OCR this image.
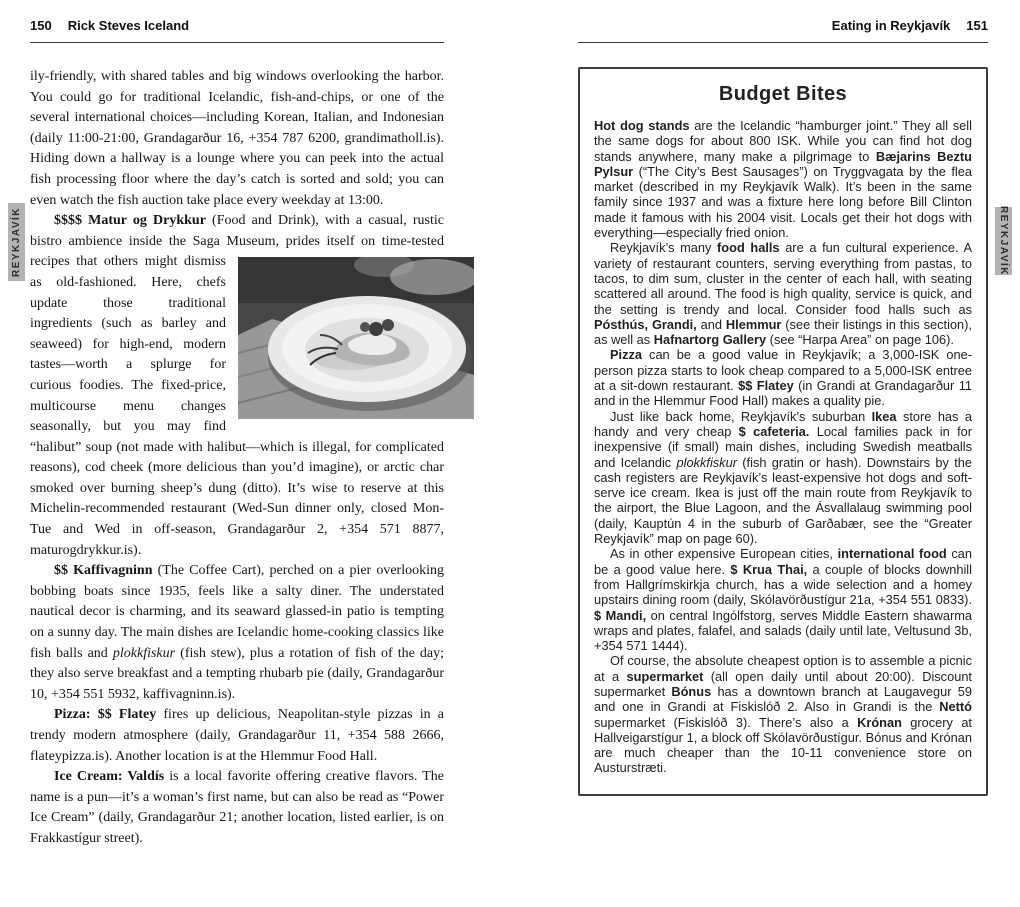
REYKJAVÍK	REYKJAVÍK
150 Rick Steves Iceland

ily-friendly, with shared tables and big windows overlooking the harbor. You could go for traditional Icelandic, fish-and-chips, or one of the several international choices—including Korean, Italian, and Indonesian (daily 11:00-21:00, Grandagarður 16, +354 787 6200, grandimatholl.is). Hiding down a hallway is a lounge where you can peek into the actual fish processing floor where the day’s catch is sorted and sold; you can even watch the fish auction take place every weekday at 13:00.

$$$$ Matur og Drykkur (Food and Drink), with a casual, rustic bistro ambience inside the Saga Museum, prides itself on
time-tested recipes that others might dismiss as old-fashioned. Here, chefs update those traditional ingredients (such as barley and seaweed) for high-end, modern tastes—worth a splurge for curious foodies. The fixed-price, multicourse menu changes seasonally, but you may find “halibut” soup (not made with halibut—which is illegal, for complicated reasons), cod cheek (more delicious than you’d imagine), or arctic char smoked over burning sheep’s dung (ditto). It’s wise to reserve at this Michelin-recommended restaurant (Wed-Sun dinner only, closed Mon-Tue and Wed in off-season, Grandagarður 2, +354 571 8877, maturogdrykkur.is).

$$ Kaffivagninn (The Coffee Cart), perched on a pier overlooking bobbing boats since 1935, feels like a salty diner. The understated nautical decor is charming, and its seaward glassed-in patio is tempting on a sunny day. The main dishes are Icelandic home-cooking classics like fish balls and plokkfiskur (fish stew), plus a rotation of fish of the day; they also serve breakfast and a tempting rhubarb pie (daily, Grandagarður 10, +354 551 5932, kaffivagninn.is).

Pizza: $$ Flatey fires up delicious, Neapolitan-style pizzas in a trendy modern atmosphere (daily, Grandagarður 11, +354 588 2666, flateypizza.is). Another location is at the Hlemmur Food Hall.

Ice Cream: Valdís is a local favorite offering creative flavors. The name is a pun—it’s a woman’s first name, but can also be read as “Power Ice Cream” (daily, Grandagarður 21; another location, listed earlier, is on Frakkastígur street).

Eating in Reykjavík 151
Budget Bites

Hot dog stands are the Icelandic “hamburger joint.” They all sell the same dogs for about 800 ISK. While you can find hot dog stands anywhere, many make a pilgrimage to Bæjarins Beztu Pylsur (“The City’s Best Sausages”) on Tryggvagata by the flea market (described in my Reykjavík Walk). It’s been in the same family since 1937 and was a fixture here long before Bill Clinton made it famous with his 2004 visit. Locals get their hot dogs with everything—especially fried onion.

Reykjavík’s many food halls are a fun cultural experience. A variety of restaurant counters, serving everything from pastas, to tacos, to dim sum, cluster in the center of each hall, with seating scattered all around. The food is high quality, service is quick, and the setting is trendy and local. Consider food halls such as Pósthús, Grandi, and Hlemmur (see their listings in this section), as well as Hafnartorg Gallery (see “Harpa Area” on page 106).

Pizza can be a good value in Reykjavík; a 3,000-ISK one-person pizza starts to look cheap compared to a 5,000-ISK entree at a sit-down restaurant. $$ Flatey (in Grandi at Grandagarður 11 and in the Hlemmur Food Hall) makes a quality pie.

Just like back home, Reykjavík’s suburban Ikea store has a handy and very cheap $ cafeteria. Local families pack in for inexpensive (if small) main dishes, including Swedish meatballs and Icelandic plokkfiskur (fish gratin or hash). Downstairs by the cash registers are Reykjavík’s least-expensive hot dogs and soft-serve ice cream. Ikea is just off the main route from Reykjavík to the airport, the Blue Lagoon, and the Ásvallalaug swimming pool (daily, Kauptún 4 in the suburb of Garðabær, see the “Greater Reykjavík” map on page 60).

As in other expensive European cities, international food can be a good value here. $ Krua Thai, a couple of blocks downhill from Hallgrímskirkja church, has a wide selection and a homey upstairs dining room (daily, Skólavörðustígur 21a, +354 551 0833). $ Mandi, on central Ingólfstorg, serves Middle Eastern shawarma wraps and plates, falafel, and salads (daily until late, Veltusund 3b, +354 571 1444).

Of course, the absolute cheapest option is to assemble a picnic at a supermarket (all open daily until about 20:00). Discount supermarket Bónus has a downtown branch at Laugavegur 59 and one in Grandi at Fiskislóð 2. Also in Grandi is the Nettó supermarket (Fiskislóð 3). There’s also a Krónan grocery at Hallveigarstígur 1, a block off Skólavörðustígur. Bónus and Krónan are much cheaper than the 10-11 convenience store on Austurstræti.
